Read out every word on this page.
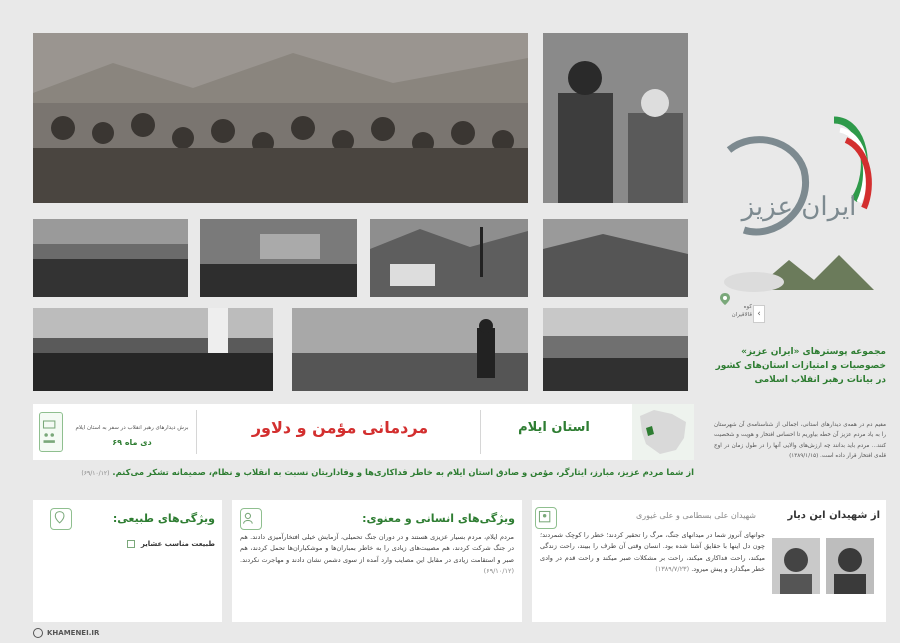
ایران عزیز
کوه قالاقیران ‹
مجموعه پوسترهای «ایران عزیز»
خصوصیات و امتیازات استان‌های کشور
در بیانات رهبر انقلاب اسلامی
مقیم دم در همه‌ی دیدارهای استانی، اجمالی از شناسنامه‌ی آن شهرستان را به یاد مردم عزیز آن خطه بیاوریم تا احساس افتخار و هویت و شخصیت کنند... مردم باید بدانند چه ارزش‌های والایی آنها را در طول زمان در اوج قله‌ی افتخار قرار داده است. (۱۳۸۹/۱/۱۵)
استان ایلام
مردمانی مؤمن و دلاور
برش دیدارهای رهبر انقلاب در سفر به استان ایلام
دی ماه ۶۹
از شما مردم عزیز، مبارز، ایثارگر، مؤمن و صادق استان ایلام به خاطر فداکاری‌ها و وفاداریتان نسبت به انقلاب و نظام، صمیمانه تشکر می‌کنم. (۶۹/۱۰/۱۲)
از شهیدان این دیار
شهیدان علی بسطامی و علی غیوری
جوانهای آنروز شما در میدانهای جنگ، مرگ را تحقیر کردند؛ خطر را کوچک شمردند؛ چون دل اینها با حقایق آشنا شده بود. انسان وقتی آن طرف را ببیند، راحت زندگی میکند، راحت فداکاری میکند، راحت بر مشکلات صبر میکند و راحت قدم در وادی خطر میگذارد و پیش میرود. (۱۳۸۹/۷/۲۳)
ویژگی‌های انسانی و معنوی:
مردم ایلام، مردم بسیار عزیزی هستند و در دوران جنگ تحمیلی، آزمایش خیلی افتخارآمیزی دادند. هم در جنگ شرکت کردند، هم مصیبت‌های زیادی را به خاطر بمباران‌ها و موشکباران‌ها تحمل کردند، هم صبر و استقامت زیادی در مقابل این مصایب وارد آمده از سوی دشمن نشان دادند و مهاجرت نکردند. (۶۹/۱۰/۱۲)
ویژگی‌های طبیعی:
طبیعت مناسب عشایر
KHAMENEI.IR
